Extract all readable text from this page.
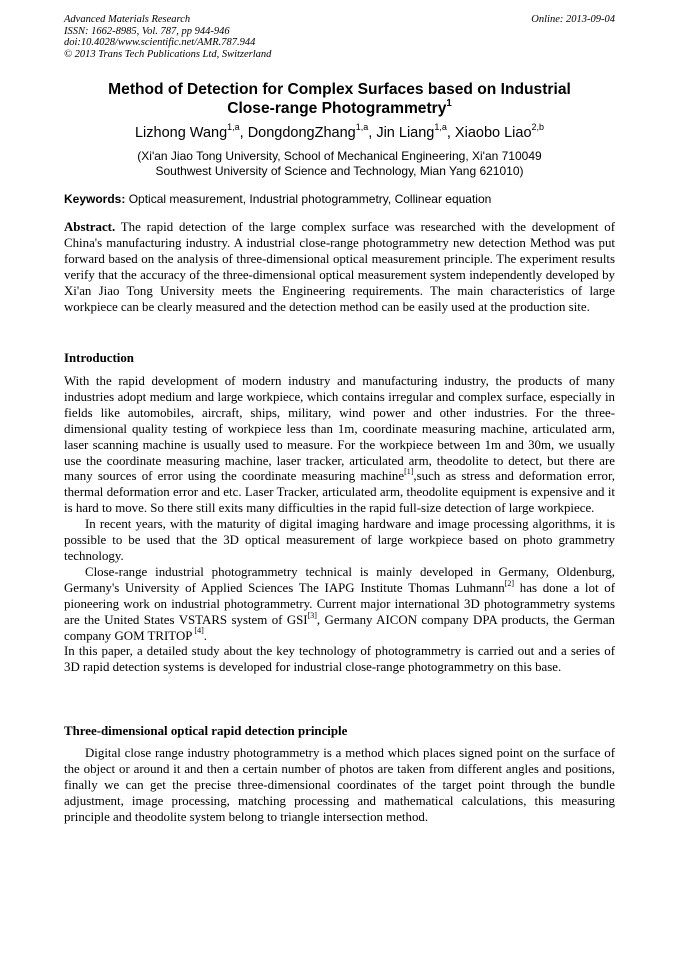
Advanced Materials Research
ISSN: 1662-8985, Vol. 787, pp 944-946
doi:10.4028/www.scientific.net/AMR.787.944
© 2013 Trans Tech Publications Ltd, Switzerland
Online: 2013-09-04
Method of Detection for Complex Surfaces based on Industrial
Close-range Photogrammetry$^1$
Lizhong Wang$^{1,a}$, DongdongZhang$^{1,a}$, Jin Liang$^{1,a}$, Xiaobo Liao$^{2,b}$
(Xi'an Jiao Tong University, School of Mechanical Engineering, Xi'an 710049
Southwest University of Science and Technology, Mian Yang 621010)
Keywords: Optical measurement, Industrial photogrammetry, Collinear equation
Abstract. The rapid detection of the large complex surface was researched with the development of China's manufacturing industry. A industrial close-range photogrammetry new detection Method was put forward based on the analysis of three-dimensional optical measurement principle. The experiment results verify that the accuracy of the three-dimensional optical measurement system independently developed by Xi'an Jiao Tong University meets the Engineering requirements. The main characteristics of large workpiece can be clearly measured and the detection method can be easily used at the production site.
Introduction

With the rapid development of modern industry and manufacturing industry, the products of many industries adopt medium and large workpiece, which contains irregular and complex surface, especially in fields like automobiles, aircraft, ships, military, wind power and other industries. For the three-dimensional quality testing of workpiece less than 1m, coordinate measuring machine, articulated arm, laser scanning machine is usually used to measure. For the workpiece between 1m and 30m, we usually use the coordinate measuring machine, laser tracker, articulated arm, theodolite to detect, but there are many sources of error using the coordinate measuring machine[1],such as stress and deformation error, thermal deformation error and etc. Laser Tracker, articulated arm, theodolite equipment is expensive and it is hard to move. So there still exits many difficulties in the rapid full-size detection of large workpiece.

In recent years, with the maturity of digital imaging hardware and image processing algorithms, it is possible to be used that the 3D optical measurement of large workpiece based on photo grammetry technology.

Close-range industrial photogrammetry technical is mainly developed in Germany, Oldenburg, Germany's University of Applied Sciences The IAPG Institute Thomas Luhmann[2] has done a lot of pioneering work on industrial photogrammetry. Current major international 3D photogrammetry systems are the United States VSTARS system of GSI[3], Germany AICON company DPA products, the German company GOM TRITOP [4].

In this paper, a detailed study about the key technology of photogrammetry is carried out and a series of 3D rapid detection systems is developed for industrial close-range photogrammetry on this base.

Three-dimensional optical rapid detection principle

Digital close range industry photogrammetry is a method which places signed point on the surface of the object or around it and then a certain number of photos are taken from different angles and positions, finally we can get the precise three-dimensional coordinates of the target point through the bundle adjustment, image processing, matching processing and mathematical calculations, this measuring principle and theodolite system belong to triangle intersection method.
